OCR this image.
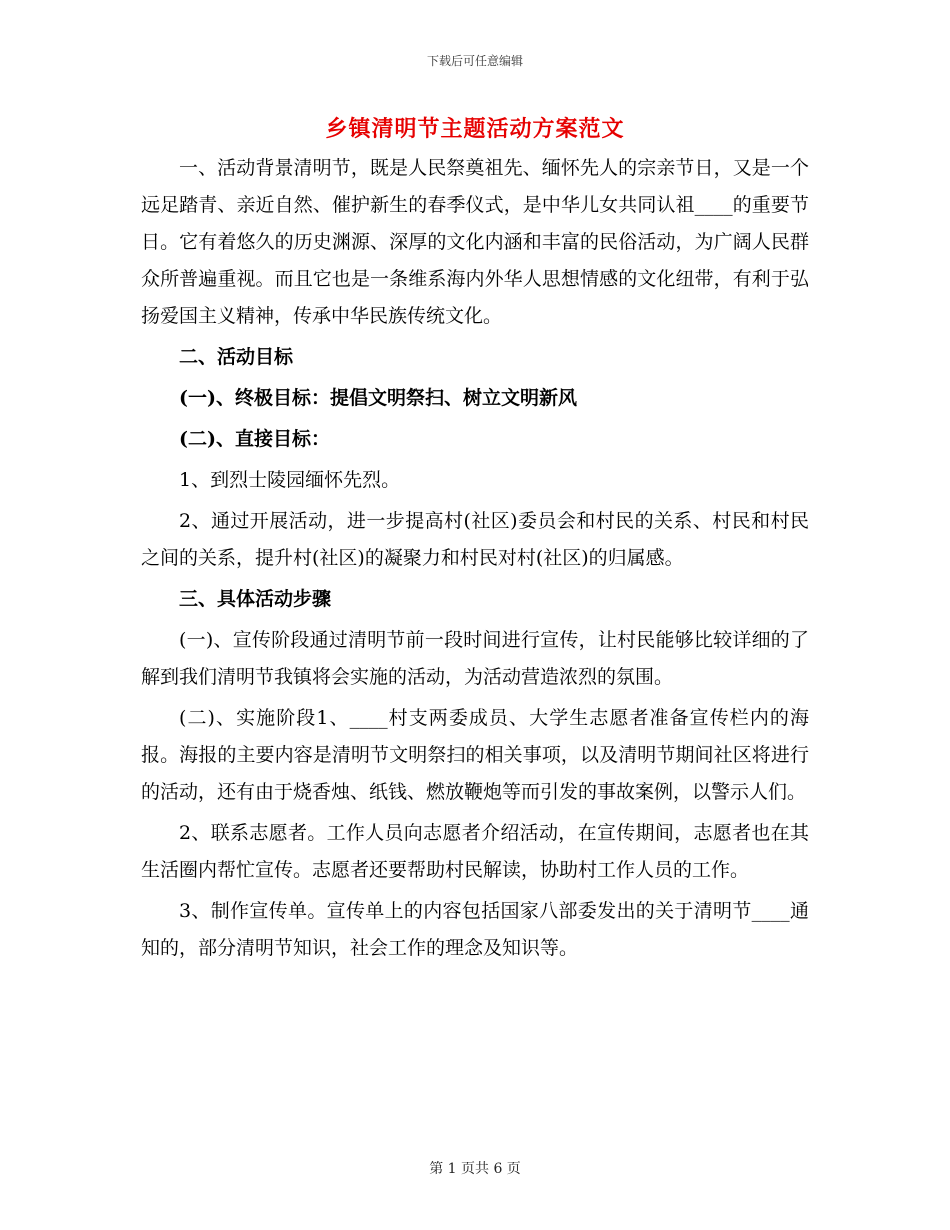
下载后可任意编辑
乡镇清明节主题活动方案范文

一、活动背景清明节，既是人民祭奠祖先、缅怀先人的宗亲节日，又是一个远足踏青、亲近自然、催护新生的春季仪式，是中华儿女共同认祖____的重要节日。它有着悠久的历史渊源、深厚的文化内涵和丰富的民俗活动，为广阔人民群众所普遍重视。而且它也是一条维系海内外华人思想情感的文化纽带，有利于弘扬爱国主义精神，传承中华民族传统文化。

二、活动目标

(一)、终极目标：提倡文明祭扫、树立文明新风

(二)、直接目标：

1、到烈士陵园缅怀先烈。

2、通过开展活动，进一步提高村(社区)委员会和村民的关系、村民和村民之间的关系，提升村(社区)的凝聚力和村民对村(社区)的归属感。

三、具体活动步骤

(一)、宣传阶段通过清明节前一段时间进行宣传，让村民能够比较详细的了解到我们清明节我镇将会实施的活动，为活动营造浓烈的氛围。

(二)、实施阶段1、____村支两委成员、大学生志愿者准备宣传栏内的海报。海报的主要内容是清明节文明祭扫的相关事项，以及清明节期间社区将进行的活动，还有由于烧香烛、纸钱、燃放鞭炮等而引发的事故案例，以警示人们。

2、联系志愿者。工作人员向志愿者介绍活动，在宣传期间，志愿者也在其生活圈内帮忙宣传。志愿者还要帮助村民解读，协助村工作人员的工作。

3、制作宣传单。宣传单上的内容包括国家八部委发出的关于清明节____通知的，部分清明节知识，社会工作的理念及知识等。

第 1 页共 6 页
